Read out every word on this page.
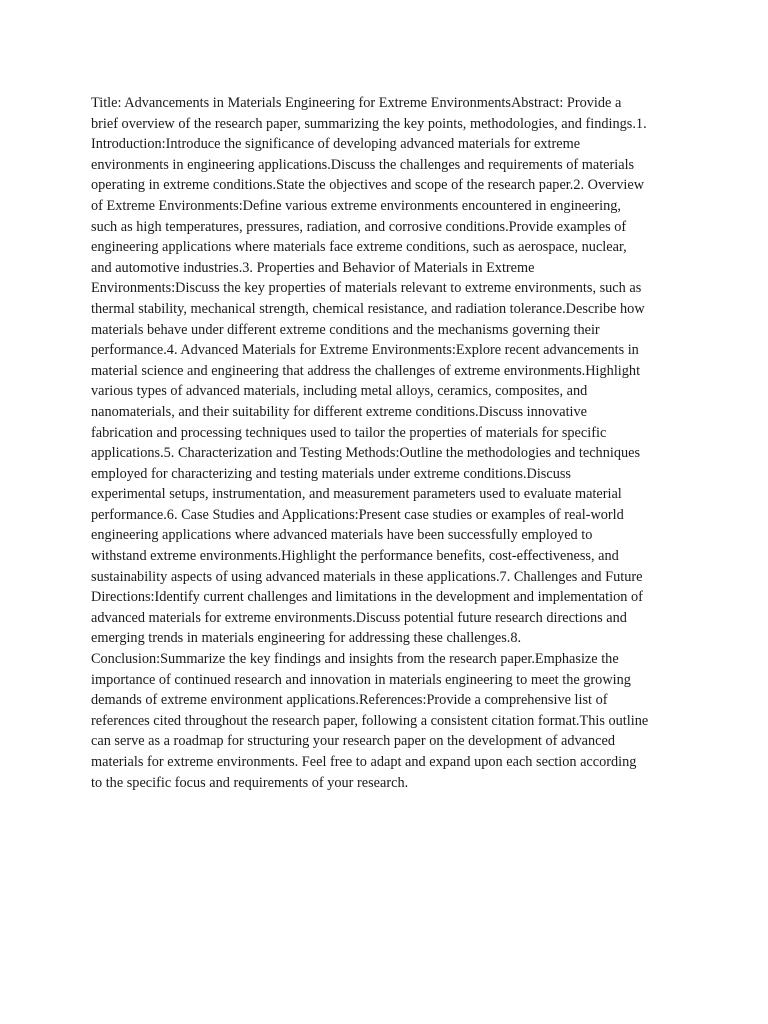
Title: Advancements in Materials Engineering for Extreme EnvironmentsAbstract: Provide a
brief overview of the research paper, summarizing the key points, methodologies, and findings.1.
Introduction:Introduce the significance of developing advanced materials for extreme
environments in engineering applications.Discuss the challenges and requirements of materials
operating in extreme conditions.State the objectives and scope of the research paper.2. Overview
of Extreme Environments:Define various extreme environments encountered in engineering,
such as high temperatures, pressures, radiation, and corrosive conditions.Provide examples of
engineering applications where materials face extreme conditions, such as aerospace, nuclear,
and automotive industries.3. Properties and Behavior of Materials in Extreme
Environments:Discuss the key properties of materials relevant to extreme environments, such as
thermal stability, mechanical strength, chemical resistance, and radiation tolerance.Describe how
materials behave under different extreme conditions and the mechanisms governing their
performance.4. Advanced Materials for Extreme Environments:Explore recent advancements in
material science and engineering that address the challenges of extreme environments.Highlight
various types of advanced materials, including metal alloys, ceramics, composites, and
nanomaterials, and their suitability for different extreme conditions.Discuss innovative
fabrication and processing techniques used to tailor the properties of materials for specific
applications.5. Characterization and Testing Methods:Outline the methodologies and techniques
employed for characterizing and testing materials under extreme conditions.Discuss
experimental setups, instrumentation, and measurement parameters used to evaluate material
performance.6. Case Studies and Applications:Present case studies or examples of real-world
engineering applications where advanced materials have been successfully employed to
withstand extreme environments.Highlight the performance benefits, cost-effectiveness, and
sustainability aspects of using advanced materials in these applications.7. Challenges and Future
Directions:Identify current challenges and limitations in the development and implementation of
advanced materials for extreme environments.Discuss potential future research directions and
emerging trends in materials engineering for addressing these challenges.8.
Conclusion:Summarize the key findings and insights from the research paper.Emphasize the
importance of continued research and innovation in materials engineering to meet the growing
demands of extreme environment applications.References:Provide a comprehensive list of
references cited throughout the research paper, following a consistent citation format.This outline
can serve as a roadmap for structuring your research paper on the development of advanced
materials for extreme environments. Feel free to adapt and expand upon each section according
to the specific focus and requirements of your research.
